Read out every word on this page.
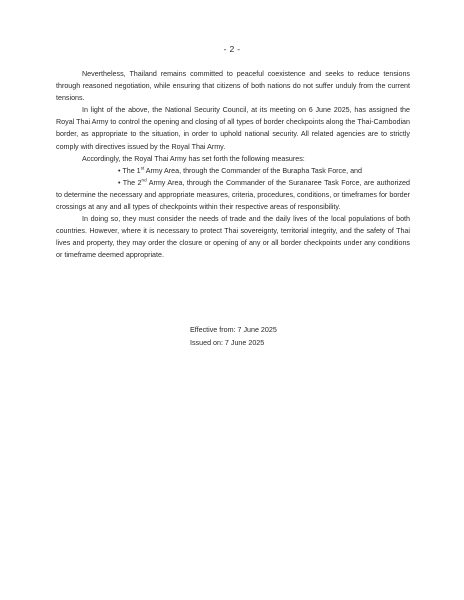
- 2 -

Nevertheless, Thailand remains committed to peaceful coexistence and seeks to reduce tensions through reasoned negotiation, while ensuring that citizens of both nations do not suffer unduly from the current tensions.

In light of the above, the National Security Council, at its meeting on 6 June 2025, has assigned the Royal Thai Army to control the opening and closing of all types of border checkpoints along the Thai-Cambodian border, as appropriate to the situation, in order to uphold national security. All related agencies are to strictly comply with directives issued by the Royal Thai Army.

Accordingly, the Royal Thai Army has set forth the following measures:

• The 1st Army Area, through the Commander of the Burapha Task Force, and

• The 2nd Army Area, through the Commander of the Suranaree Task Force, are authorized to determine the necessary and appropriate measures, criteria, procedures, conditions, or timeframes for border crossings at any and all types of checkpoints within their respective areas of responsibility.

In doing so, they must consider the needs of trade and the daily lives of the local populations of both countries. However, where it is necessary to protect Thai sovereignty, territorial integrity, and the safety of Thai lives and property, they may order the closure or opening of any or all border checkpoints under any conditions or timeframe deemed appropriate.

Effective from: 7 June 2025
Issued on: 7 June 2025
